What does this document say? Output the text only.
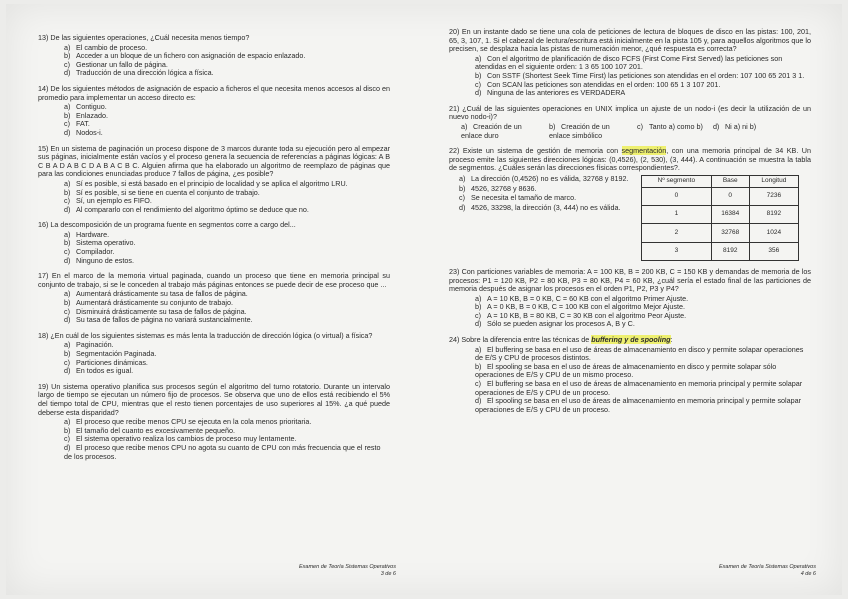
13) De las siguientes operaciones, ¿Cuál necesita menos tiempo?
a) El cambio de proceso.
b) Acceder a un bloque de un fichero con asignación de espacio enlazado.
c) Gestionar un fallo de página.
d) Traducción de una dirección lógica a física.
14) De los siguientes métodos de asignación de espacio a ficheros el que necesita menos accesos al disco en promedio para implementar un acceso directo es:
a) Contiguo.
b) Enlazado.
c) FAT.
d) Nodos-i.
15) En un sistema de paginación un proceso dispone de 3 marcos durante toda su ejecución pero al empezar sus páginas, inicialmente están vacíos y el proceso genera la secuencia de referencias a páginas lógicas: A B C B A D A B C D A B A C B C. Alguien afirma que ha elaborado un algoritmo de reemplazo de páginas que para las condiciones enunciadas produce 7 fallos de página, ¿es posible?
a) Sí es posible, si está basado en el principio de localidad y se aplica el algoritmo LRU.
b) Sí es posible, si se tiene en cuenta el conjunto de trabajo.
c) Sí, un ejemplo es FIFO.
d) Al compararlo con el rendimiento del algoritmo óptimo se deduce que no.
16) La descomposición de un programa fuente en segmentos corre a cargo del...
a) Hardware.
b) Sistema operativo.
c) Compilador.
d) Ninguno de estos.
17) En el marco de la memoria virtual paginada, cuando un proceso que tiene en memoria principal su conjunto de trabajo, si se le conceden al trabajo más páginas entonces se puede decir de ese proceso que ...
a) Aumentará drásticamente su tasa de fallos de página.
b) Aumentará drásticamente su conjunto de trabajo.
c) Disminuirá drásticamente su tasa de fallos de página.
d) Su tasa de fallos de página no variará sustancialmente.
18) ¿En cuál de los siguientes sistemas es más lenta la traducción de dirección lógica (o virtual) a física?
a) Paginación.
b) Segmentación Paginada.
c) Particiones dinámicas.
d) En todos es igual.
19) Un sistema operativo planifica sus procesos según el algoritmo del turno rotatorio. Durante un intervalo largo de tiempo se ejecutan un número fijo de procesos. Se observa que uno de ellos está recibiendo el 5% del tiempo total de CPU, mientras que el resto tienen porcentajes de uso superiores al 15%. ¿a qué puede deberse esta disparidad?
a) El proceso que recibe menos CPU se ejecuta en la cola menos prioritaria.
b) El tamaño del cuanto es excesivamente pequeño.
c) El sistema operativo realiza los cambios de proceso muy lentamente.
d) El proceso que recibe menos CPU no agota su cuanto de CPU con más frecuencia que el resto de los procesos.
Examen de Teoría Sistemas Operativos
3 de 6
20) En un instante dado se tiene una cola de peticiones de lectura de bloques de disco en las pistas: 100, 201, 65, 3, 107, 1. Si el cabezal de lectura/escritura está inicialmente en la pista 105 y, para aquellos algoritmos que lo precisen, se desplaza hacia las pistas de numeración menor, ¿qué respuesta es correcta?
a) Con el algoritmo de planificación de disco FCFS (First Come First Served) las peticiones son atendidas en el siguiente orden: 1 3 65 100 107 201.
b) Con SSTF (Shortest Seek Time First) las peticiones son atendidas en el orden: 107 100 65 201 3 1.
c) Con SCAN las peticiones son atendidas en el orden: 100 65 1 3 107 201.
d) Ninguna de las anteriores es VERDADERA
21) ¿Cuál de las siguientes operaciones en UNIX implica un ajuste de un nodo-i (es decir la utilización de un nuevo nodo-i)?
a) Creación de un enlace duro
b) Creación de un enlace simbólico
c) Tanto a) como b) d) Ni a) ni b)
22) Existe un sistema de gestión de memoria con segmentación, con una memoria principal de 34 KB. Un proceso emite las siguientes direcciones lógicas: (0,4526), (2, 530), (3, 444). A continuación se muestra la tabla de segmentos. ¿Cuáles serán las direcciones físicas correspondientes?.
a) La dirección (0,4526) no es válida, 32768 y 8192.
b) 4526, 32768 y 8636.
c) Se necesita el tamaño de marco.
d) 4526, 33298, la dirección (3, 444) no es válida.
Nº segmento	Base	Longitud
0	0	7236
1	16384	8192
2	32768	1024
3	8192	356
23) Con particiones variables de memoria: A = 100 KB, B = 200 KB, C = 150 KB y demandas de memoria de los procesos: P1 = 120 KB, P2 = 80 KB, P3 = 80 KB, P4 = 60 KB, ¿cuál sería el estado final de las particiones de memoria después de asignar los procesos en el orden P1, P2, P3 y P4?
a) A = 10 KB, B = 0 KB, C = 60 KB con el algoritmo Primer Ajuste.
b) A = 0 KB, B = 0 KB, C = 100 KB con el algoritmo Mejor Ajuste.
c) A = 10 KB, B = 80 KB, C = 30 KB con el algoritmo Peor Ajuste.
d) Sólo se pueden asignar los procesos A, B y C.
24) Sobre la diferencia entre las técnicas de buffering y de spooling:
a) El buffering se basa en el uso de áreas de almacenamiento en disco y permite solapar operaciones de E/S y CPU de procesos distintos.
b) El spooling se basa en el uso de áreas de almacenamiento en disco y permite solapar sólo operaciones de E/S y CPU de un mismo proceso.
c) El buffering se basa en el uso de áreas de almacenamiento en memoria principal y permite solapar operaciones de E/S y CPU de un proceso.
d) El spooling se basa en el uso de áreas de almacenamiento en memoria principal y permite solapar operaciones de E/S y CPU de un proceso.
Examen de Teoría Sistemas Operativos
4 de 6
